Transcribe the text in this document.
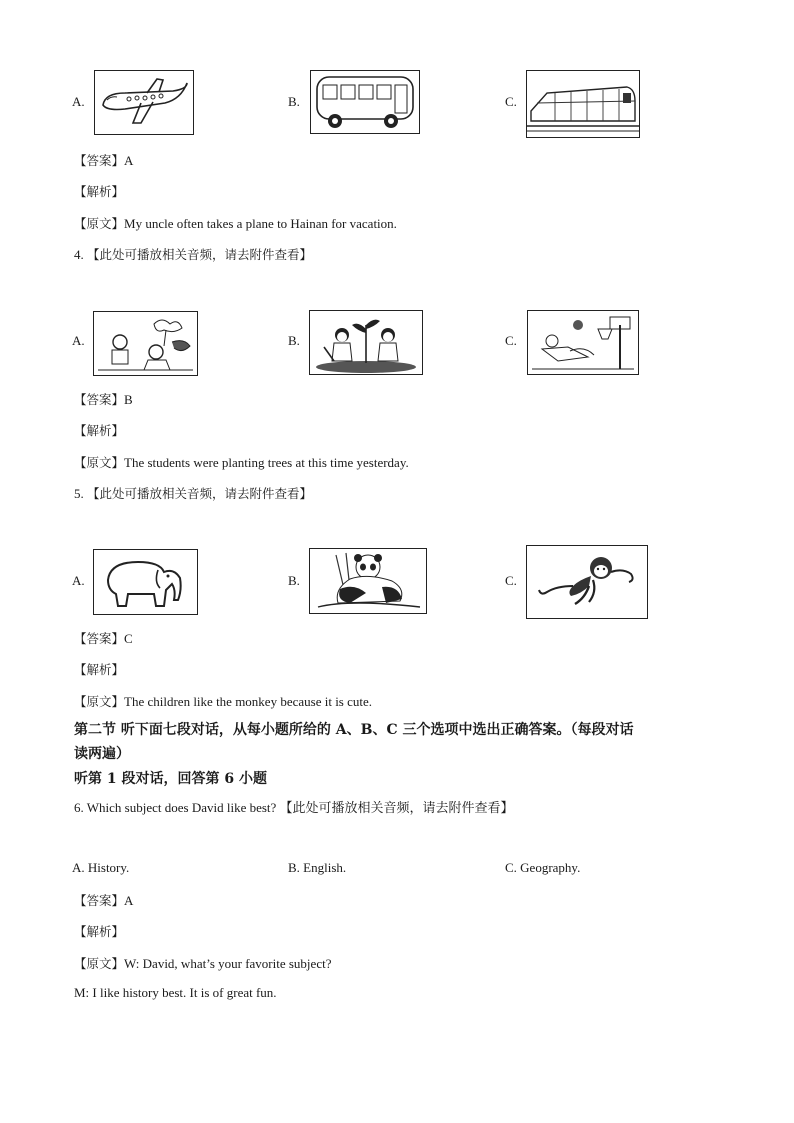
A.	B.	C.
【答案】A
【解析】
【原文】My uncle often takes a plane to Hainan for vacation.
4. 【此处可播放相关音频，请去附件查看】
A.	B.	C.
【答案】B
【解析】
【原文】The students were planting trees at this time yesterday.
5. 【此处可播放相关音频，请去附件查看】
A.	B.	C.
【答案】C
【解析】
【原文】The children like the monkey because it is cute.
第二节 听下面七段对话，从每小题所给的 A、B、C 三个选项中选出正确答案。（每段对话
读两遍）
听第 1 段对话，回答第 6 小题
6. Which subject does David like best? 【此处可播放相关音频，请去附件查看】
A. History.	B. English.	C. Geography.
【答案】A
【解析】
【原文】W: David, what’s your favorite subject?
M: I like history best. It is of great fun.
